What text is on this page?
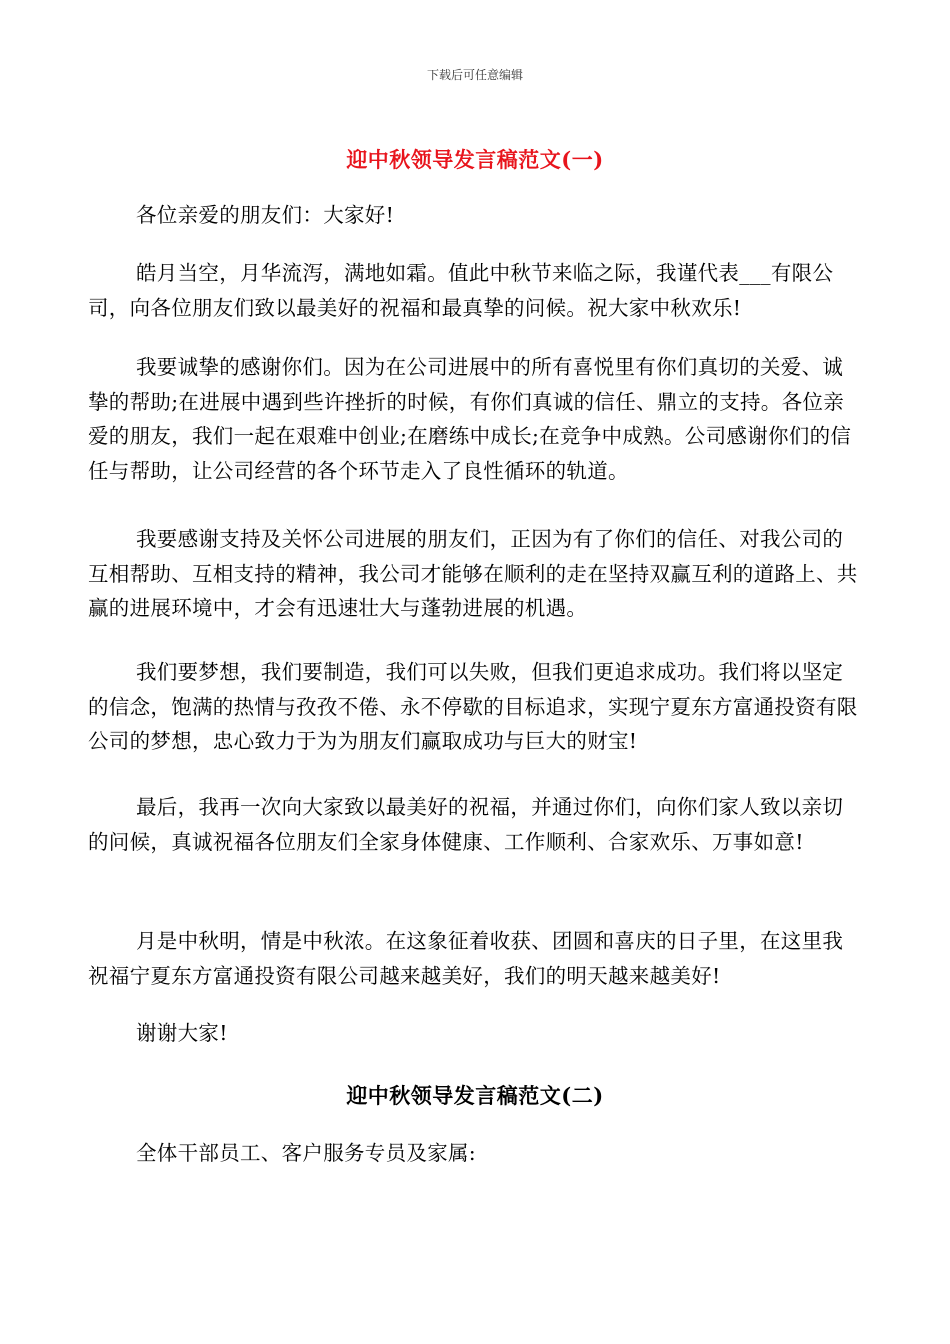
下载后可任意编辑
迎中秋领导发言稿范文(一)

各位亲爱的朋友们：大家好!

皓月当空，月华流泻，满地如霜。值此中秋节来临之际，我谨代表___有限公司，向各位朋友们致以最美好的祝福和最真挚的问候。祝大家中秋欢乐!

我要诚挚的感谢你们。因为在公司进展中的所有喜悦里有你们真切的关爱、诚挚的帮助;在进展中遇到些许挫折的时候，有你们真诚的信任、鼎立的支持。各位亲爱的朋友，我们一起在艰难中创业;在磨练中成长;在竞争中成熟。公司感谢你们的信任与帮助，让公司经营的各个环节走入了良性循环的轨道。

我要感谢支持及关怀公司进展的朋友们，正因为有了你们的信任、对我公司的互相帮助、互相支持的精神，我公司才能够在顺利的走在坚持双赢互利的道路上、共赢的进展环境中，才会有迅速壮大与蓬勃进展的机遇。

我们要梦想，我们要制造，我们可以失败，但我们更追求成功。我们将以坚定的信念，饱满的热情与孜孜不倦、永不停歇的目标追求，实现宁夏东方富通投资有限公司的梦想，忠心致力于为为朋友们赢取成功与巨大的财宝!

最后，我再一次向大家致以最美好的祝福，并通过你们，向你们家人致以亲切的问候，真诚祝福各位朋友们全家身体健康、工作顺利、合家欢乐、万事如意!

月是中秋明，情是中秋浓。在这象征着收获、团圆和喜庆的日子里，在这里我祝福宁夏东方富通投资有限公司越来越美好，我们的明天越来越美好!

谢谢大家!

迎中秋领导发言稿范文(二)

全体干部员工、客户服务专员及家属:
